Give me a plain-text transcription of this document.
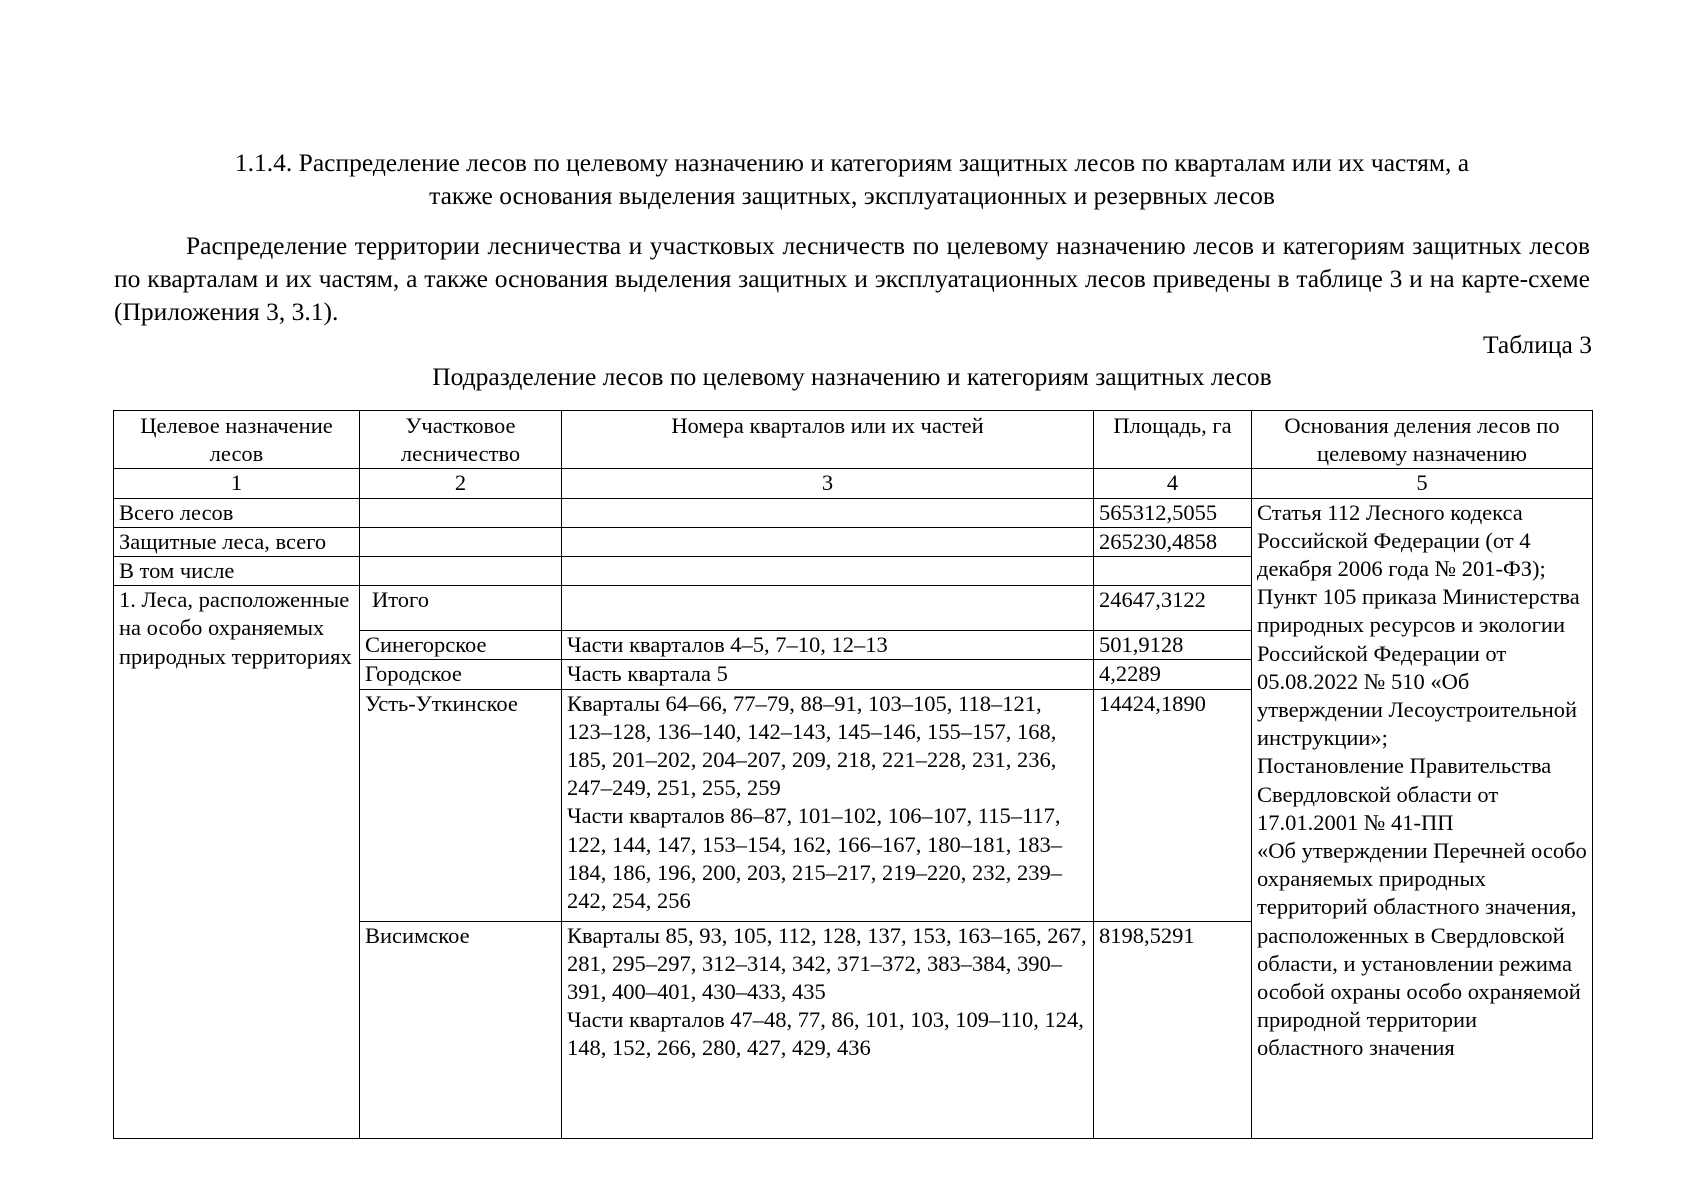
1.1.4. Распределение лесов по целевому назначению и категориям защитных лесов по кварталам или их частям, а
также основания выделения защитных, эксплуатационных и резервных лесов
Распределение территории лесничества и участковых лесничеств по целевому назначению лесов и категориям защитных лесов по кварталам и их частям, а также основания выделения защитных и эксплуатационных лесов приведены в таблице 3 и на карте-схеме (Приложения 3, 3.1).
Таблица 3
Подразделение лесов по целевому назначению и категориям защитных лесов
Целевое назначение лесов	Участковое лесничество	Номера кварталов или их частей	Площадь, га	Основания деления лесов по целевому назначению
1	2	3	4	5
Всего лесов			565312,5055	Статья 112 Лесного кодекса Российской Федерации (от 4 декабря 2006 года № 201-ФЗ);
Пункт 105 приказа Министерства природных ресурсов и экологии Российской Федерации от 05.08.2022 № 510 «Об утверждении Лесоустроительной инструкции»;
Постановление Правительства Свердловской области от 17.01.2001 № 41-ПП
«Об утверждении Перечней особо охраняемых природных территорий областного значения, расположенных в Свердловской области, и установлении режима особой охраны особо охраняемой природной территории областного значения
Защитные леса, всего			265230,4858	
В том числе				
1. Леса, расположенные на особо охраняемых природных территориях	Итого		24647,3122	
	Синегорское	Части кварталов 4–5, 7–10, 12–13	501,9128	
	Городское	Часть квартала 5	4,2289	
	Усть-Уткинское	Кварталы 64–66, 77–79, 88–91, 103–105, 118–121, 123–128, 136–140, 142–143, 145–146, 155–157, 168, 185, 201–202, 204–207, 209, 218, 221–228, 231, 236, 247–249, 251, 255, 259
Части кварталов 86–87, 101–102, 106–107, 115–117, 122, 144, 147, 153–154, 162, 166–167, 180–181, 183–184, 186, 196, 200, 203, 215–217, 219–220, 232, 239–242, 254, 256	14424,1890	
	Висимское	Кварталы 85, 93, 105, 112, 128, 137, 153, 163–165, 267, 281, 295–297, 312–314, 342, 371–372, 383–384, 390–391, 400–401, 430–433, 435
Части кварталов 47–48, 77, 86, 101, 103, 109–110, 124, 148, 152, 266, 280, 427, 429, 436	8198,5291	
